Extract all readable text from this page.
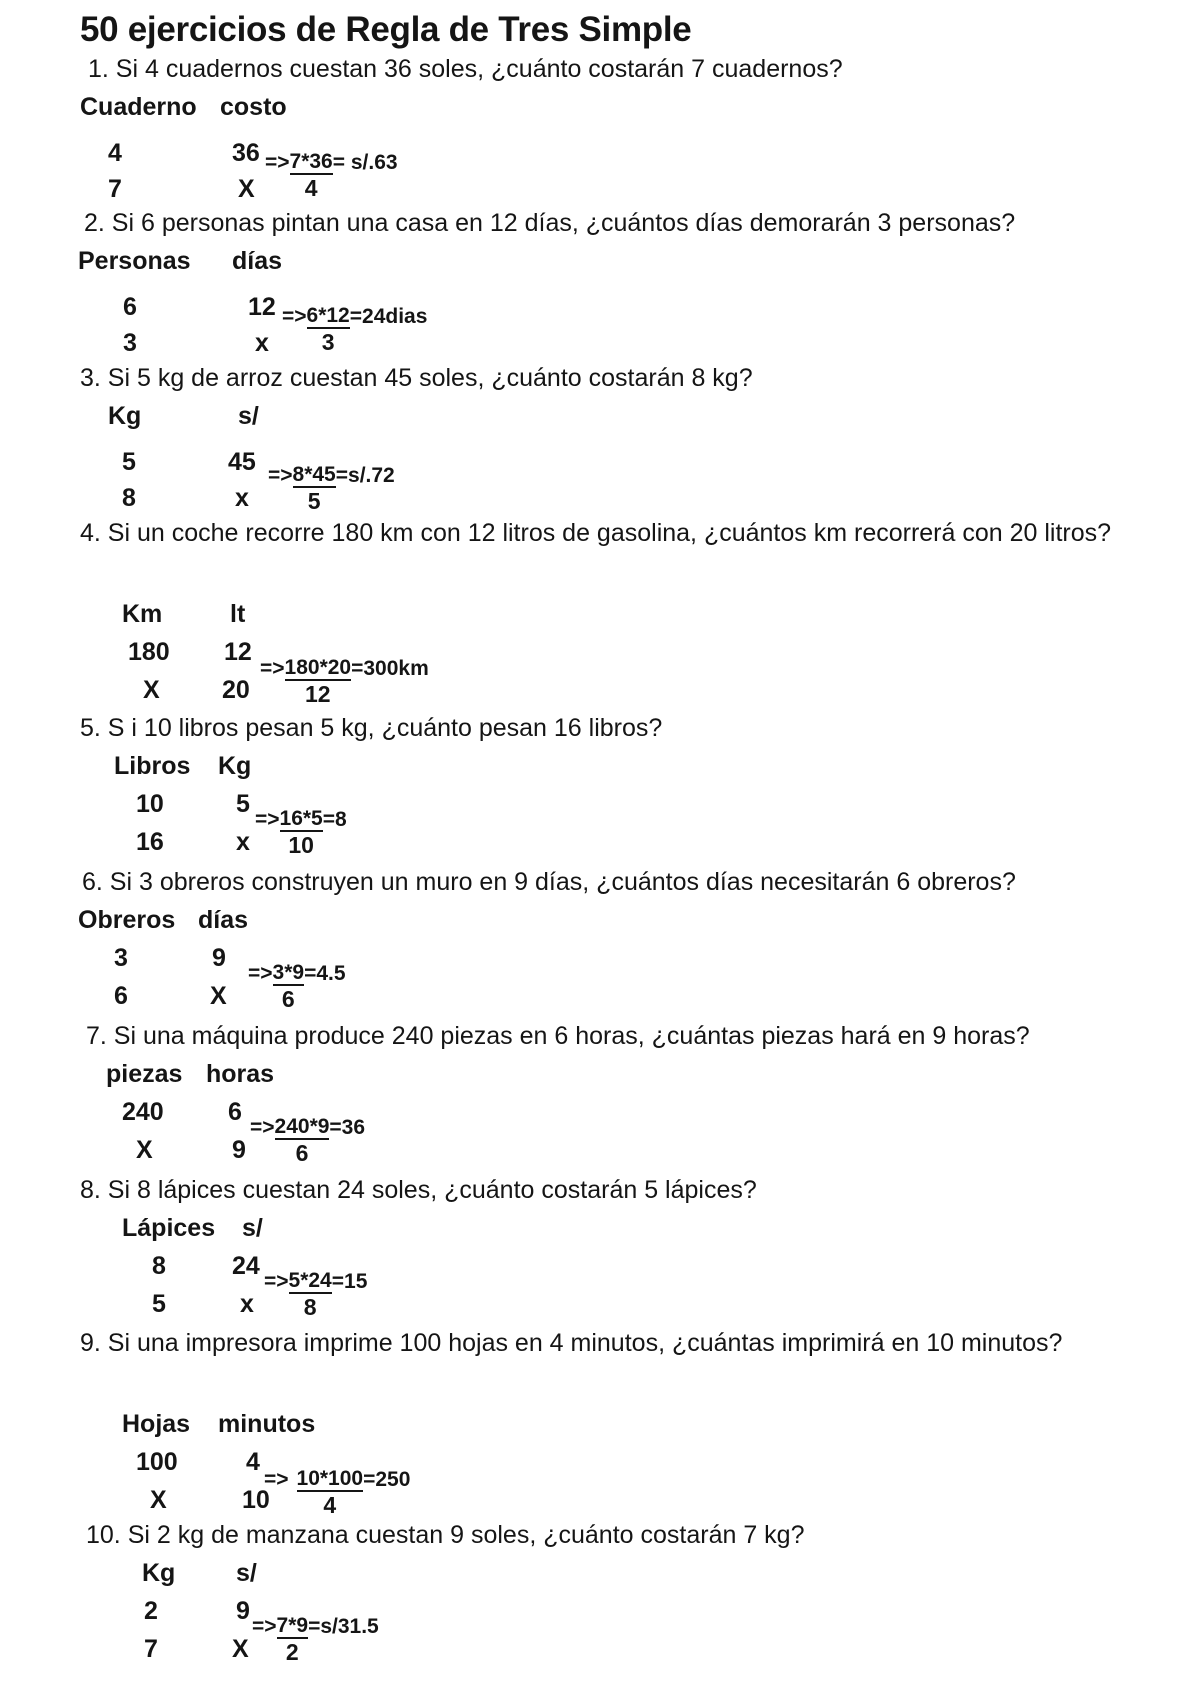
50 ejercicios de Regla de Tres Simple

1. Si 4 cuadernos cuestan 36 soles, ¿cuánto costarán 7 cuadernos?

Cuaderno costo
4	36
7	X
=> $\frac{7*36}{4} = s/.63$

2. Si 6 personas pintan una casa en 12 días, ¿cuántos días demorarán 3 personas?

Personas días
6	12
3	x
=> $\frac{6*12}{3}$ =24dias

3. Si 5 kg de arroz cuestan 45 soles, ¿cuánto costarán 8 kg?

Kg	s/
5	45
8	x
=> $\frac{8*45}{5} =s/.72$

4. Si un coche recorre 180 km con 12 litros de gasolina, ¿cuántos km recorrerá con 20 litros?

Km	lt
180 12
X 20
=> $\frac{180*20}{12} =300km$

5. S i 10 libros pesan 5 kg, ¿cuánto pesan 16 libros?

Libros Kg
10	5
16	x
=> $\frac{16*5}{10} =8$

6. Si 3 obreros construyen un muro en 9 días, ¿cuántos días necesitarán 6 obreros?

Obreros días
3	9
6	X
=> $\frac{3*9}{6} =4.5$

7. Si una máquina produce 240 piezas en 6 horas, ¿cuántas piezas hará en 9 horas?

piezas horas
240	6
X	9
=> $\frac{240*9}{6} =36$

8. Si 8 lápices cuestan 24 soles, ¿cuánto costarán 5 lápices?

Lápices s/
8	24
5	x
=> $\frac{5*24}{8} =15$

9. Si una impresora imprime 100 hojas en 4 minutos, ¿cuántas imprimirá en 10 minutos?

Hojas minutos
100	4
X	10
=> $\frac{10*100}{4} =250$

10. Si 2 kg de manzana cuestan 9 soles, ¿cuánto costarán 7 kg?

Kg s/
2	9
7	X
=> $\frac{7*9}{2} =s/31.5$
